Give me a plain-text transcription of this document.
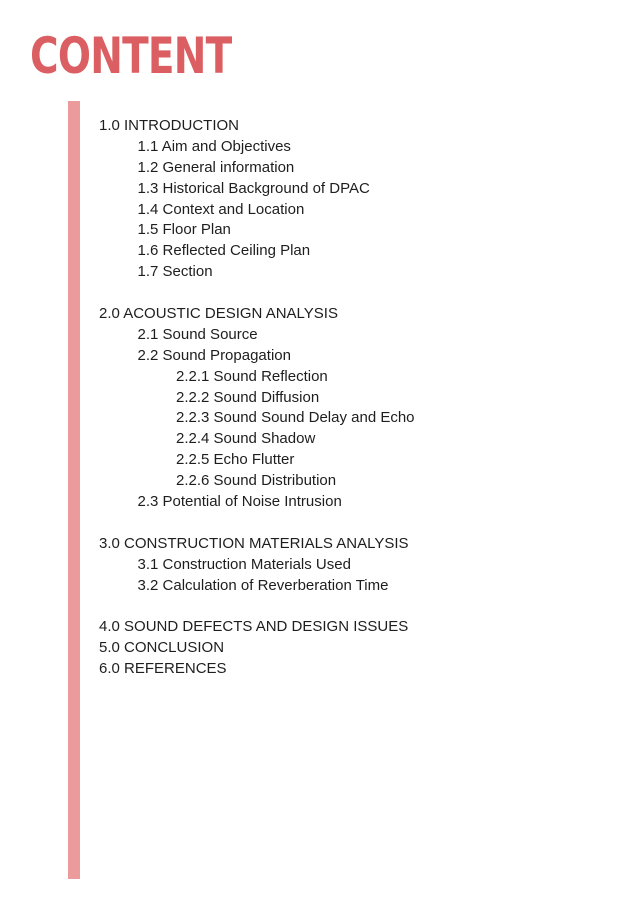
CONTENT
1.0 INTRODUCTION
1.1 Aim and Objectives
1.2 General information
1.3 Historical Background of DPAC
1.4 Context and Location
1.5 Floor Plan
1.6 Reflected Ceiling Plan
1.7 Section
2.0 ACOUSTIC DESIGN ANALYSIS
2.1 Sound Source
2.2 Sound Propagation
2.2.1 Sound Reflection
2.2.2 Sound Diffusion
2.2.3 Sound Sound Delay and Echo
2.2.4 Sound Shadow
2.2.5 Echo Flutter
2.2.6 Sound Distribution
2.3 Potential of Noise Intrusion
3.0 CONSTRUCTION MATERIALS ANALYSIS
3.1 Construction Materials Used
3.2 Calculation of Reverberation Time
4.0 SOUND DEFECTS AND DESIGN ISSUES
5.0 CONCLUSION
6.0 REFERENCES
